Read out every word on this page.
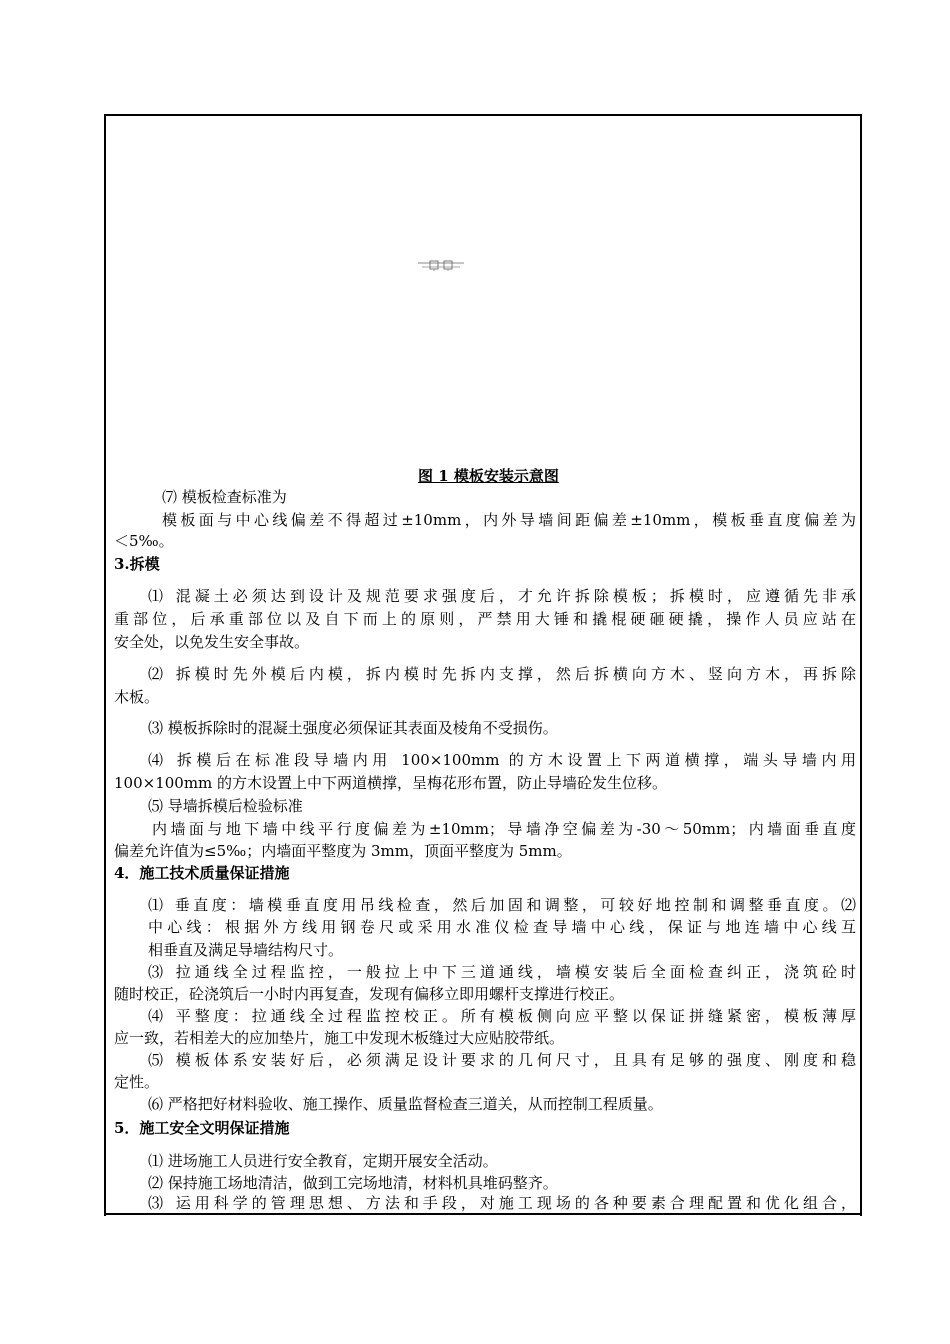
图 1 模板安装示意图
⑺ 模板检查标准为
模板面与中心线偏差不得超过±10mm，内外导墙间距偏差±10mm，模板垂直度偏差为
＜5‰。
3.拆模
⑴ 混凝土必须达到设计及规范要求强度后，才允许拆除模板；拆模时，应遵循先非承
重部位，后承重部位以及自下而上的原则，严禁用大锤和撬棍硬砸硬撬，操作人员应站在
安全处，以免发生安全事故。
⑵ 拆模时先外模后内模，拆内模时先拆内支撑，然后拆横向方木、竖向方木，再拆除
木板。
⑶ 模板拆除时的混凝土强度必须保证其表面及棱角不受损伤。
⑷ 拆模后在标准段导墙内用 100×100mm 的方木设置上下两道横撑，端头导墙内用
100×100mm 的方木设置上中下两道横撑，呈梅花形布置，防止导墙砼发生位移。
⑸ 导墙拆模后检验标准
内墙面与地下墙中线平行度偏差为±10mm；导墙净空偏差为-30～50mm；内墙面垂直度
偏差允许值为≤5‰；内墙面平整度为 3mm，顶面平整度为 5mm。
4．施工技术质量保证措施
⑴ 垂直度：墙模垂直度用吊线检查，然后加固和调整，可较好地控制和调整垂直度。⑵
中心线：根据外方线用钢卷尺或采用水准仪检查导墙中心线，保证与地连墙中心线互
相垂直及满足导墙结构尺寸。
⑶ 拉通线全过程监控，一般拉上中下三道通线，墙模安装后全面检查纠正，浇筑砼时
随时校正，砼浇筑后一小时内再复查，发现有偏移立即用螺杆支撑进行校正。
⑷ 平整度：拉通线全过程监控校正。所有模板侧向应平整以保证拼缝紧密，模板薄厚
应一致，若相差大的应加垫片，施工中发现木板缝过大应贴胶带纸。
⑸ 模板体系安装好后，必须满足设计要求的几何尺寸，且具有足够的强度、刚度和稳
定性。
⑹ 严格把好材料验收、施工操作、质量监督检查三道关，从而控制工程质量。
5．施工安全文明保证措施
⑴ 进场施工人员进行安全教育，定期开展安全活动。
⑵ 保持施工场地清洁，做到工完场地清，材料机具堆码整齐。
⑶ 运用科学的管理思想、方法和手段，对施工现场的各种要素合理配置和优化组合，
